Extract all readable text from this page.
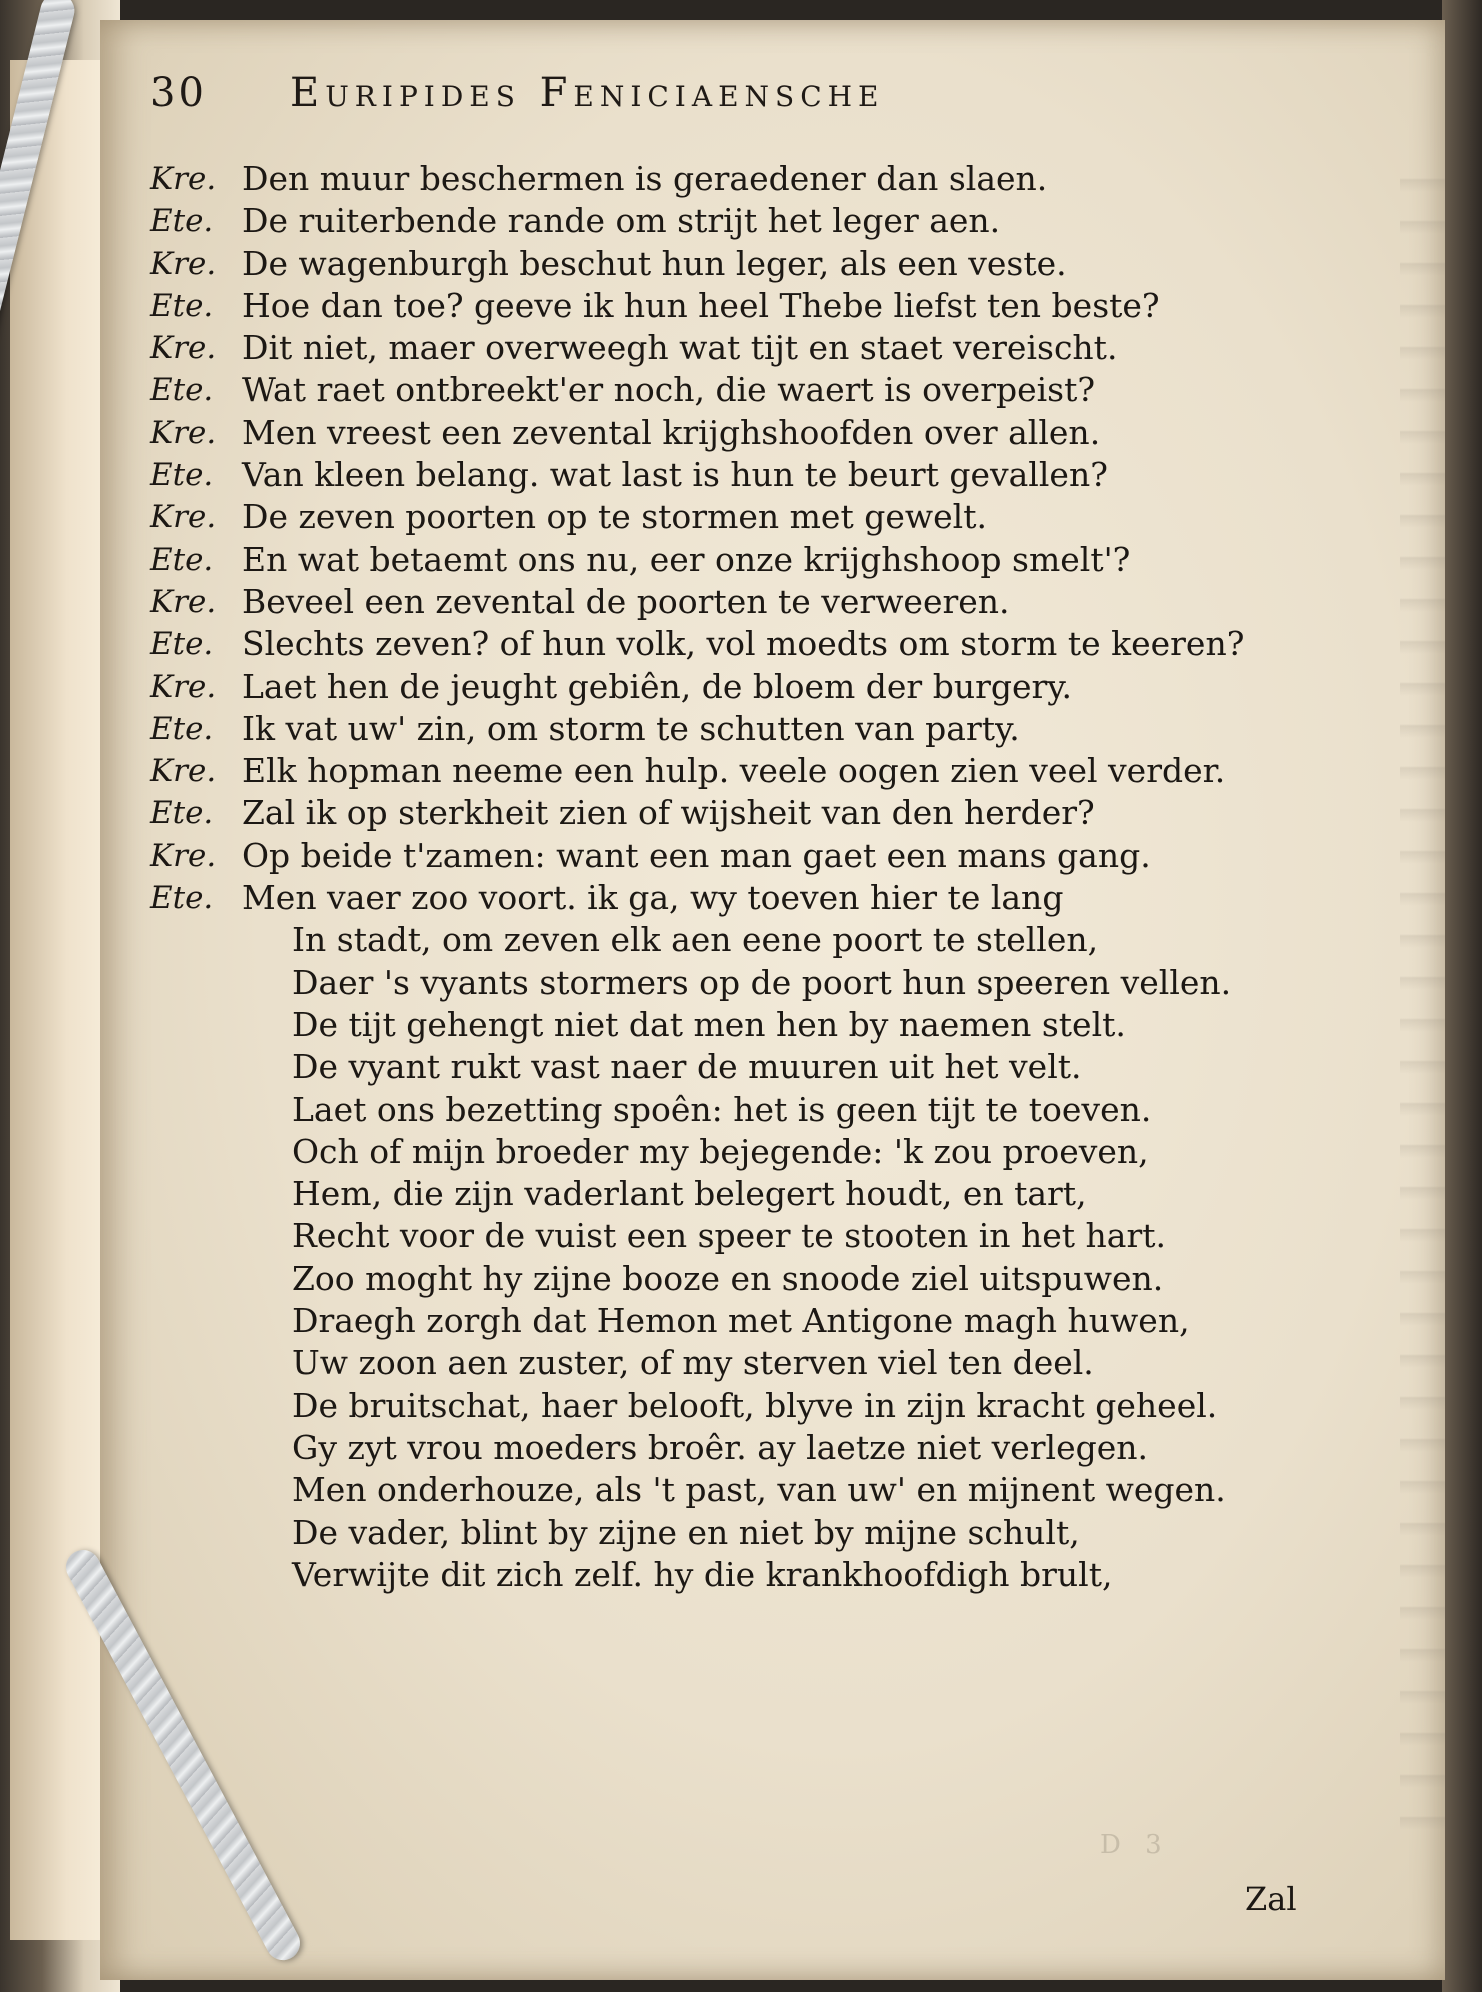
30 Euripides Feniciaensche
Kre. Den muur beschermen is geraedener dan slaen.
Ete. De ruiterbende rande om strijt het leger aen.
Kre. De wagenburgh beschut hun leger, als een veste.
Ete. Hoe dan toe? geeve ik hun heel Thebe liefst ten beste?
Kre. Dit niet, maer overweegh wat tijt en staet vereischt.
Ete. Wat raet ontbreekt'er noch, die waert is overpeist?
Kre. Men vreest een zevental krijghshoofden over allen.
Ete. Van kleen belang. wat last is hun te beurt gevallen?
Kre. De zeven poorten op te stormen met gewelt.
Ete. En wat betaemt ons nu, eer onze krijghshoop smelt'?
Kre. Beveel een zevental de poorten te verweeren.
Ete. Slechts zeven? of hun volk, vol moedts om storm te keeren?
Kre. Laet hen de jeught gebiên, de bloem der burgery.
Ete. Ik vat uw' zin, om storm te schutten van party.
Kre. Elk hopman neeme een hulp. veele oogen zien veel verder.
Ete. Zal ik op sterkheit zien of wijsheit van den herder?
Kre. Op beide t'zamen: want een man gaet een mans gang.
Ete. Men vaer zoo voort. ik ga, wy toeven hier te lang
In stadt, om zeven elk aen eene poort te stellen,
Daer 's vyants stormers op de poort hun speeren vellen.
De tijt gehengt niet dat men hen by naemen stelt.
De vyant rukt vast naer de muuren uit het velt.
Laet ons bezetting spoên: het is geen tijt te toeven.
Och of mijn broeder my bejegende: 'k zou proeven,
Hem, die zijn vaderlant belegert houdt, en tart,
Recht voor de vuist een speer te stooten in het hart.
Zoo moght hy zijne booze en snoode ziel uitspuwen.
Draegh zorgh dat Hemon met Antigone magh huwen,
Uw zoon aen zuster, of my sterven viel ten deel.
De bruitschat, haer belooft, blyve in zijn kracht geheel.
Gy zyt vrou moeders broêr. ay laetze niet verlegen.
Men onderhouze, als 't past, van uw' en mijnent wegen.
De vader, blint by zijne en niet by mijne schult,
Verwijte dit zich zelf. hy die krankhoofdigh brult,
D 3
Zal
